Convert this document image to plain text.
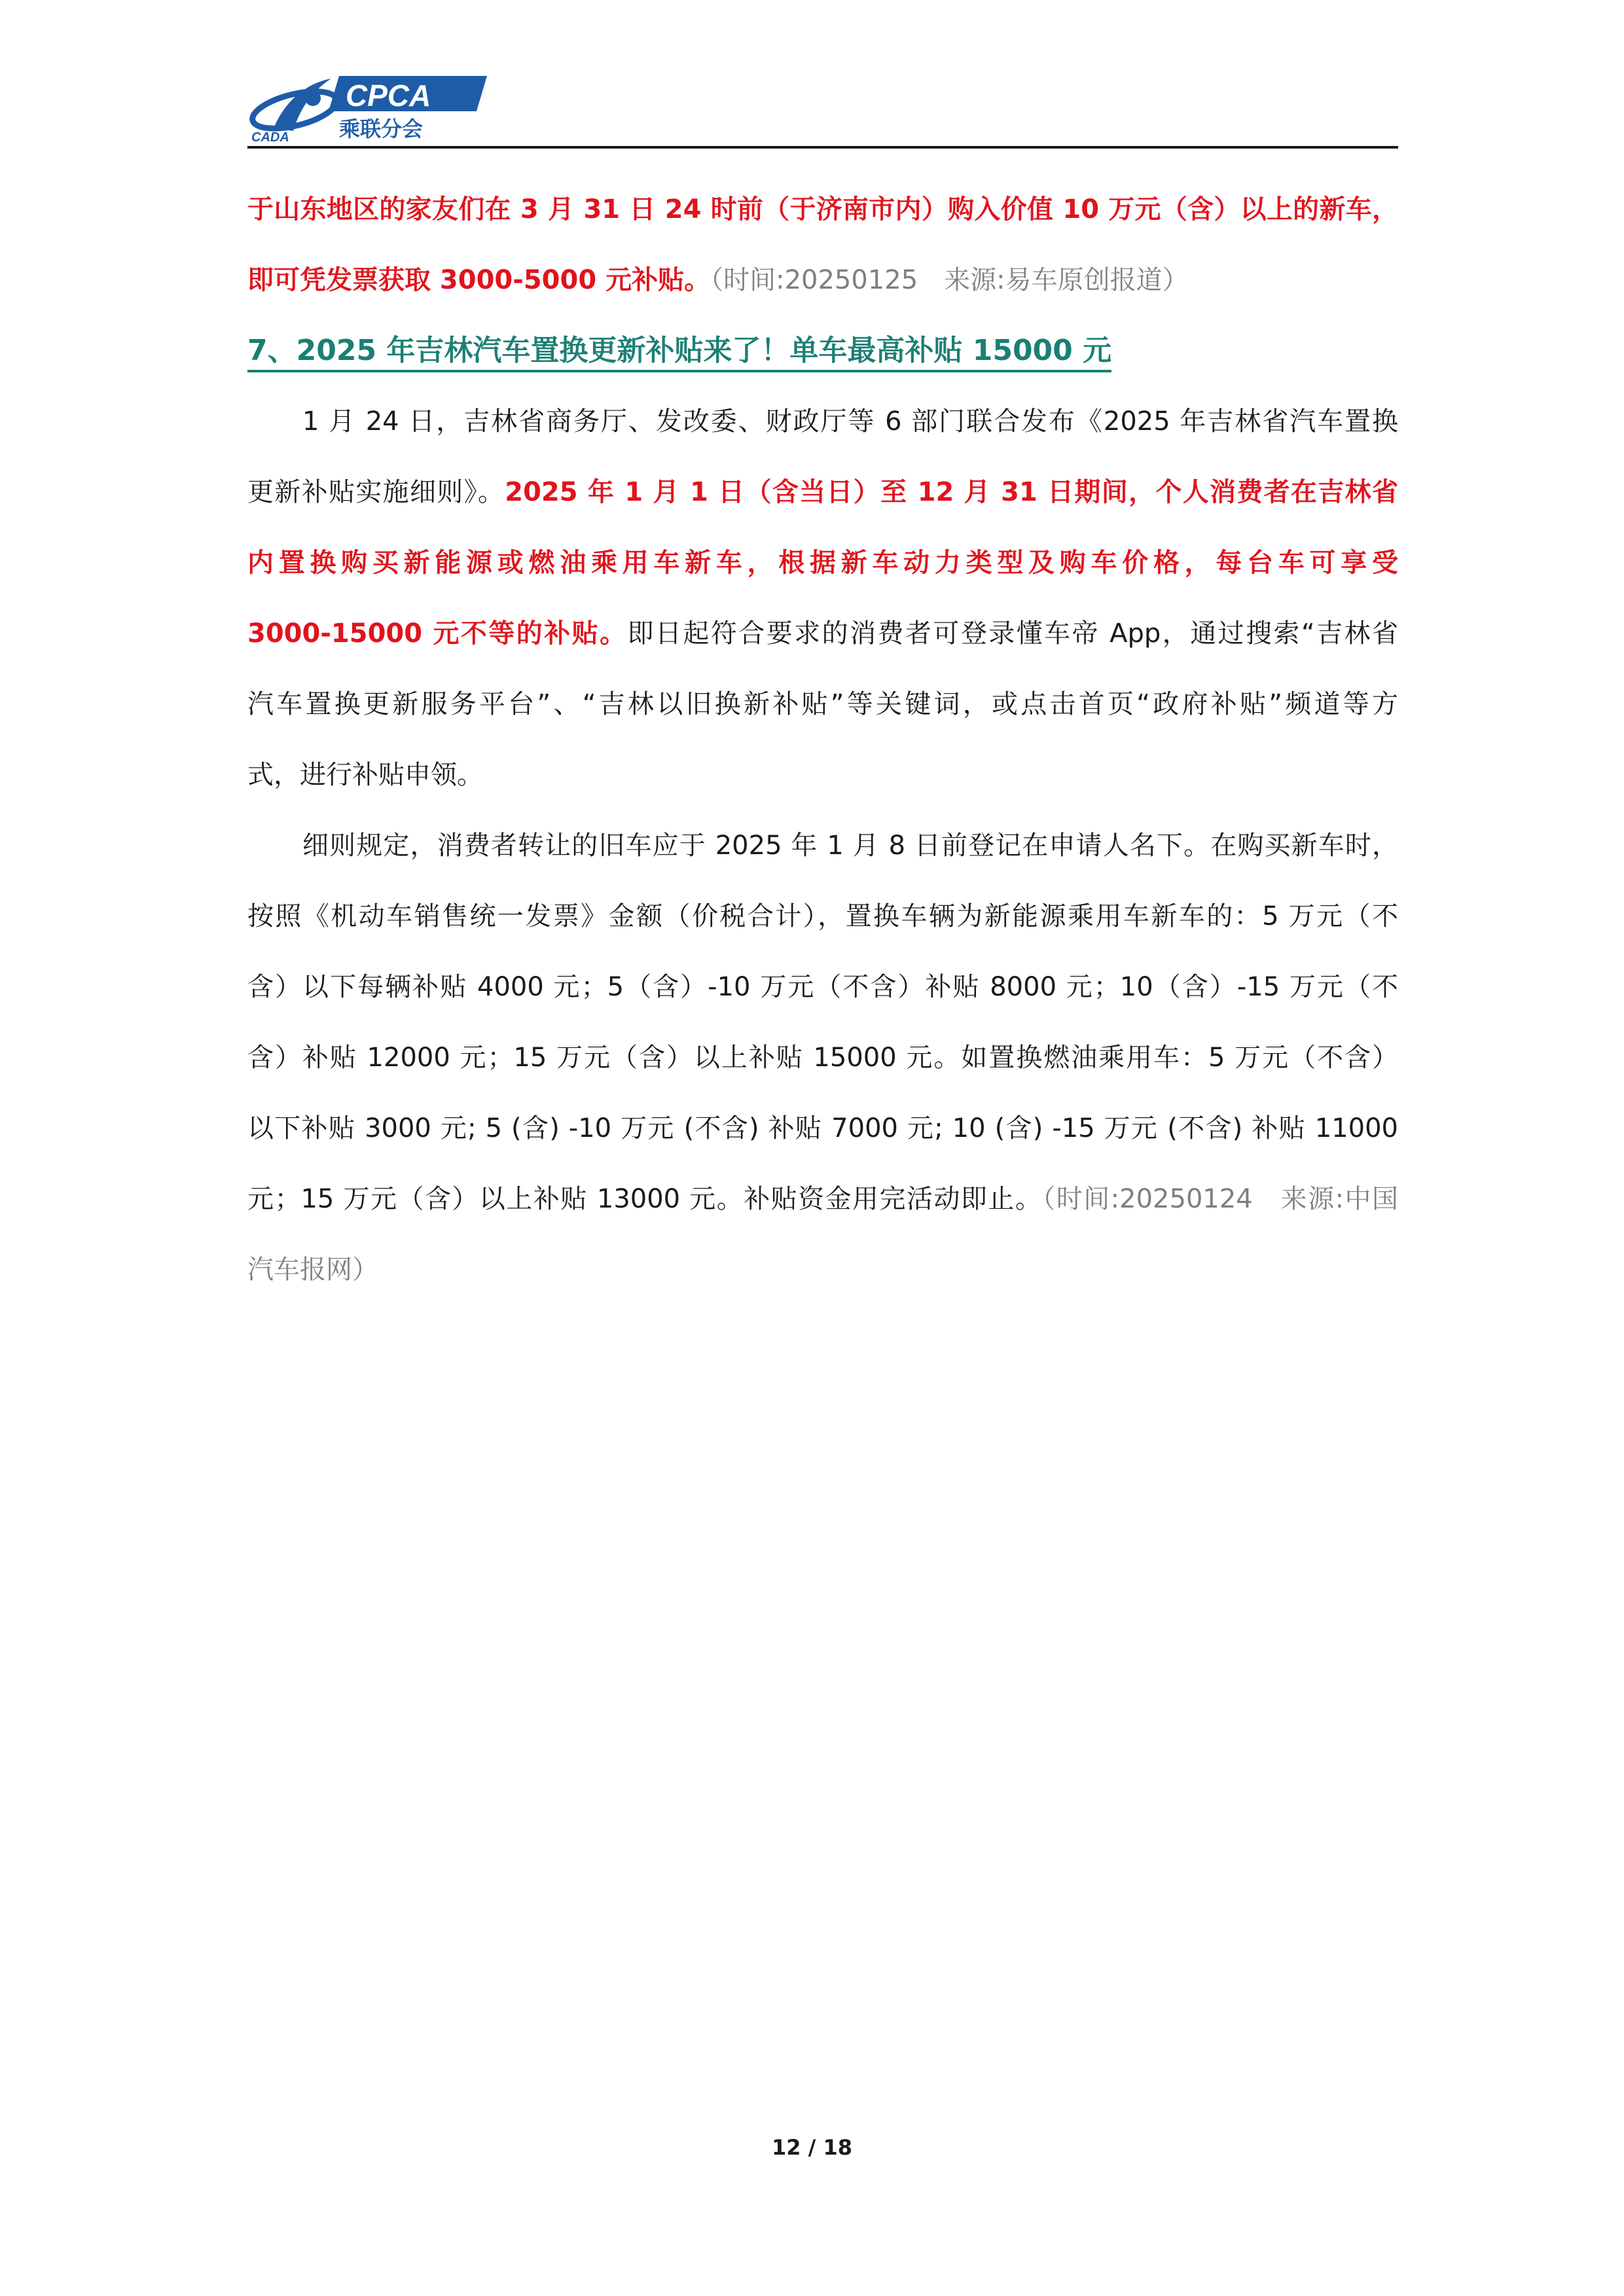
CADA
CPCA
乘联分会
于山东地区的家友们在 3 月 31 日 24 时前（于济南市内）购入价值 10 万元（含）以上的新车，
即可凭发票获取 3000-5000 元补贴。（时间:20250125　来源:易车原创报道）
7、2025 年吉林汽车置换更新补贴来了！单车最高补贴 15000 元
1 月 24 日，吉林省商务厅、发改委、财政厅等 6 部门联合发布《2025 年吉林省汽车置换
更新补贴实施细则》。2025 年 1 月 1 日（含当日）至 12 月 31 日期间，个人消费者在吉林省
内置换购买新能源或燃油乘用车新车，根据新车动力类型及购车价格，每台车可享受
3000-15000 元不等的补贴。即日起符合要求的消费者可登录懂车帝 App，通过搜索“吉林省
汽车置换更新服务平台”、“吉林以旧换新补贴”等关键词，或点击首页“政府补贴”频道等方
式，进行补贴申领。
细则规定，消费者转让的旧车应于 2025 年 1 月 8 日前登记在申请人名下。在购买新车时，
按照《机动车销售统一发票》金额（价税合计），置换车辆为新能源乘用车新车的：5 万元（不
含）以下每辆补贴 4000 元；5（含）-10 万元（不含）补贴 8000 元；10（含）-15 万元（不
含）补贴 12000 元；15 万元（含）以上补贴 15000 元。如置换燃油乘用车：5 万元（不含）
以下补贴 3000 元; 5 (含) -10 万元 (不含) 补贴 7000 元; 10 (含) -15 万元 (不含) 补贴 11000
元；15 万元（含）以上补贴 13000 元。补贴资金用完活动即止。（时间:20250124　来源:中国
汽车报网）
12 / 18
